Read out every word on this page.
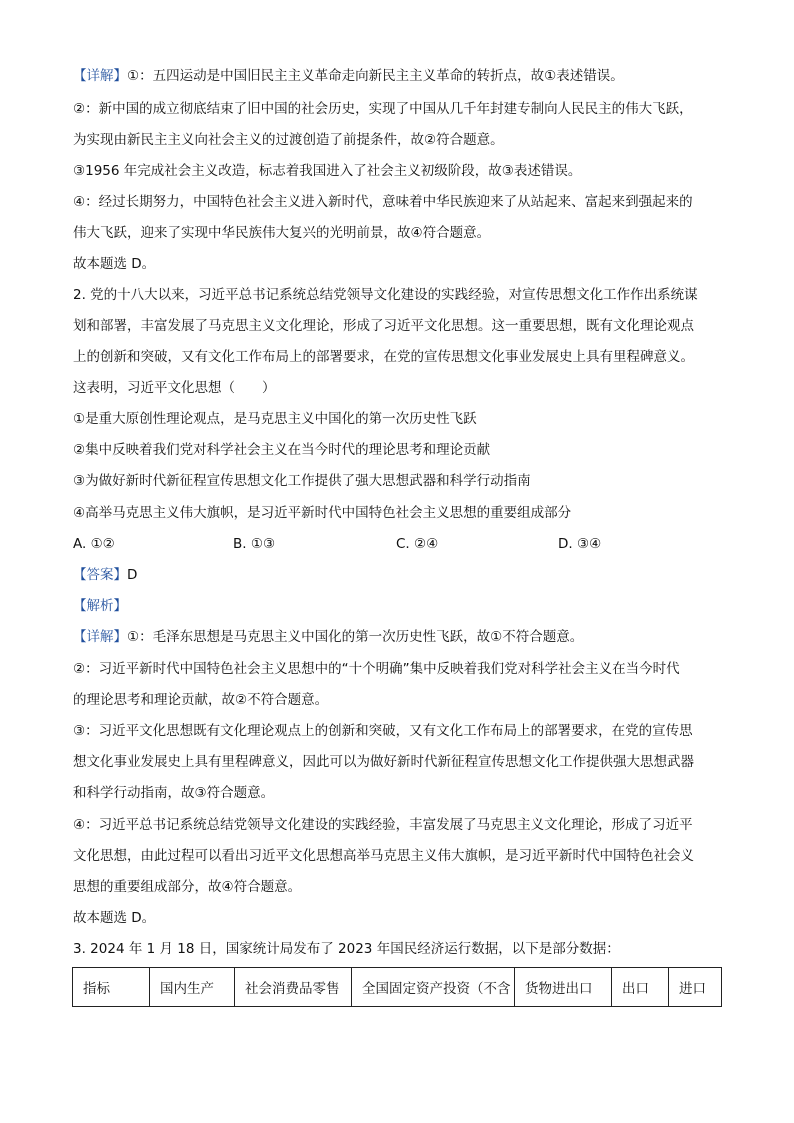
【详解】①：五四运动是中国旧民主主义革命走向新民主主义革命的转折点，故①表述错误。
②：新中国的成立彻底结束了旧中国的社会历史，实现了中国从几千年封建专制向人民民主的伟大飞跃，
为实现由新民主主义向社会主义的过渡创造了前提条件，故②符合题意。
③1956 年完成社会主义改造，标志着我国进入了社会主义初级阶段，故③表述错误。
④：经过长期努力，中国特色社会主义进入新时代，意味着中华民族迎来了从站起来、富起来到强起来的
伟大飞跃，迎来了实现中华民族伟大复兴的光明前景，故④符合题意。
故本题选 D。
2. 党的十八大以来，习近平总书记系统总结党领导文化建设的实践经验，对宣传思想文化工作作出系统谋
划和部署，丰富发展了马克思主义文化理论，形成了习近平文化思想。这一重要思想，既有文化理论观点
上的创新和突破，又有文化工作布局上的部署要求，在党的宣传思想文化事业发展史上具有里程碑意义。
这表明，习近平文化思想（　　）
①是重大原创性理论观点，是马克思主义中国化的第一次历史性飞跃
②集中反映着我们党对科学社会主义在当今时代的理论思考和理论贡献
③为做好新时代新征程宣传思想文化工作提供了强大思想武器和科学行动指南
④高举马克思主义伟大旗帜，是习近平新时代中国特色社会主义思想的重要组成部分
A. ①②	B. ①③	C. ②④	D. ③④
【答案】D
【解析】
【详解】①：毛泽东思想是马克思主义中国化的第一次历史性飞跃，故①不符合题意。
②：习近平新时代中国特色社会主义思想中的“十个明确”集中反映着我们党对科学社会主义在当今时代
的理论思考和理论贡献，故②不符合题意。
③：习近平文化思想既有文化理论观点上的创新和突破，又有文化工作布局上的部署要求，在党的宣传思
想文化事业发展史上具有里程碑意义，因此可以为做好新时代新征程宣传思想文化工作提供强大思想武器
和科学行动指南，故③符合题意。
④：习近平总书记系统总结党领导文化建设的实践经验，丰富发展了马克思主义文化理论，形成了习近平
文化思想，由此过程可以看出习近平文化思想高举马克思主义伟大旗帜，是习近平新时代中国特色社会义
思想的重要组成部分，故④符合题意。
故本题选 D。
3. 2024 年 1 月 18 日，国家统计局发布了 2023 年国民经济运行数据，以下是部分数据：
指标	国内生产	社会消费品零售	全国固定资产投资（不含	货物进出口	出口	进口
